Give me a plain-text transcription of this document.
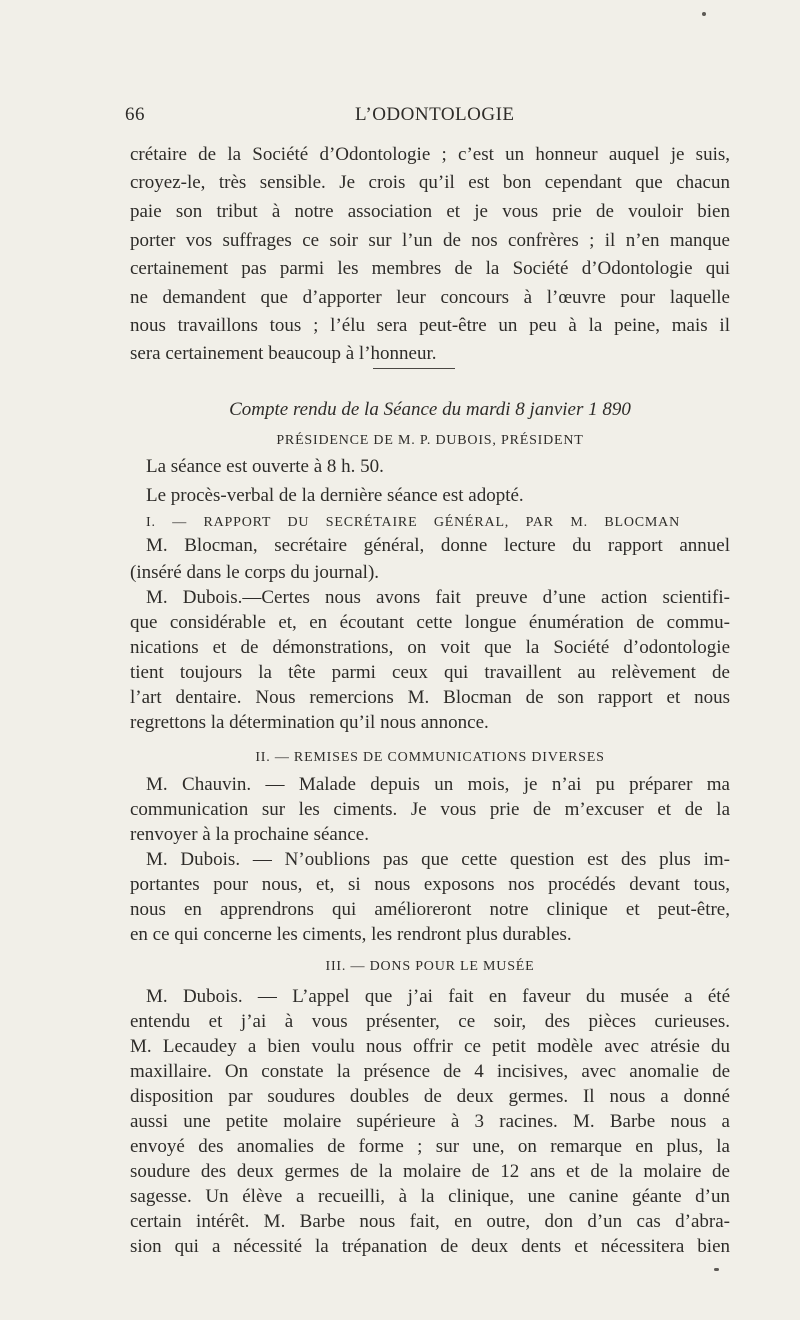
66	L’ODONTOLOGIE
crétaire de la Société d’Odontologie ; c’est un honneur auquel je suis,
croyez-le, très sensible. Je crois qu’il est bon cependant que chacun
paie son tribut à notre association et je vous prie de vouloir bien
porter vos suffrages ce soir sur l’un de nos confrères ; il n’en manque
certainement pas parmi les membres de la Société d’Odontologie qui
ne demandent que d’apporter leur concours à l’œuvre pour laquelle
nous travaillons tous ; l’élu sera peut-être un peu à la peine, mais il
sera certainement beaucoup à l’honneur.
Compte rendu de la Séance du mardi 8 janvier 1 890
PRÉSIDENCE DE M. P. DUBOIS, PRÉSIDENT
La séance est ouverte à 8 h. 50.
Le procès-verbal de la dernière séance est adopté.
I. — RAPPORT DU SECRÉTAIRE GÉNÉRAL, PAR M. BLOCMAN
M. Blocman, secrétaire général, donne lecture du rapport annuel
(inséré dans le corps du journal).
M. Dubois.—Certes nous avons fait preuve d’une action scientifi-
que considérable et, en écoutant cette longue énumération de commu-
nications et de démonstrations, on voit que la Société d’odontologie
tient toujours la tête parmi ceux qui travaillent au relèvement de
l’art dentaire. Nous remercions M. Blocman de son rapport et nous
regrettons la détermination qu’il nous annonce.
II. — REMISES DE COMMUNICATIONS DIVERSES
M. Chauvin. — Malade depuis un mois, je n’ai pu préparer ma
communication sur les ciments. Je vous prie de m’excuser et de la
renvoyer à la prochaine séance.
M. Dubois. — N’oublions pas que cette question est des plus im-
portantes pour nous, et, si nous exposons nos procédés devant tous,
nous en apprendrons qui amélioreront notre clinique et peut-être,
en ce qui concerne les ciments, les rendront plus durables.
III. — DONS POUR LE MUSÉE
M. Dubois. — L’appel que j’ai fait en faveur du musée a été
entendu et j’ai à vous présenter, ce soir, des pièces curieuses.
M. Lecaudey a bien voulu nous offrir ce petit modèle avec atrésie du
maxillaire. On constate la présence de 4 incisives, avec anomalie de
disposition par soudures doubles de deux germes. Il nous a donné
aussi une petite molaire supérieure à 3 racines. M. Barbe nous a
envoyé des anomalies de forme ; sur une, on remarque en plus, la
soudure des deux germes de la molaire de 12 ans et de la molaire de
sagesse. Un élève a recueilli, à la clinique, une canine géante d’un
certain intérêt. M. Barbe nous fait, en outre, don d’un cas d’abra-
sion qui a nécessité la trépanation de deux dents et nécessitera bien
